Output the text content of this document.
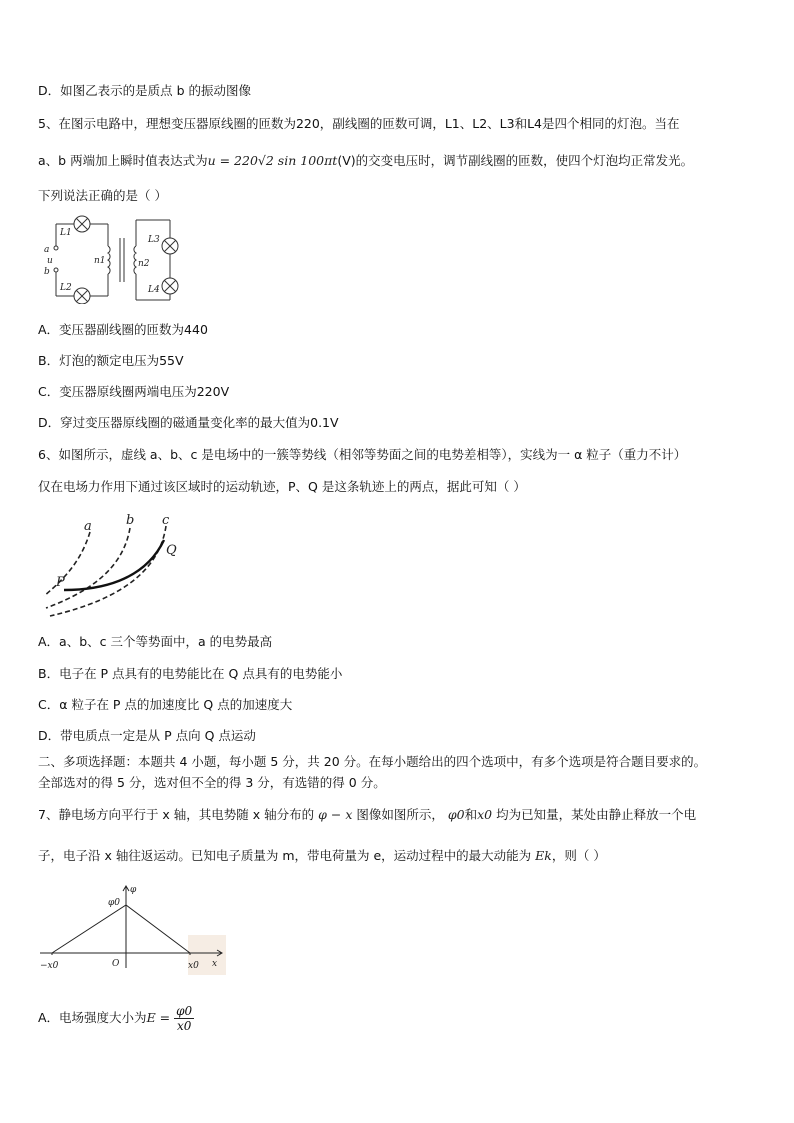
D．如图乙表示的是质点 b 的振动图像
5、在图示电路中，理想变压器原线圈的匝数为220，副线圈的匝数可调，L1、L2、L3和L4是四个相同的灯泡。当在
a、b 两端加上瞬时值表达式为u = 220√2 sin 100πt(V)的交变电压时，调节副线圈的匝数，使四个灯泡均正常发光。
下列说法正确的是（ ）
a
u
b
L1
L2
L3
L4
n1	n2
A．变压器副线圈的匝数为440
B．灯泡的额定电压为55V
C．变压器原线圈两端电压为220V
D．穿过变压器原线圈的磁通量变化率的最大值为0.1V
6、如图所示，虚线 a、b、c 是电场中的一簇等势线（相邻等势面之间的电势差相等），实线为一 α 粒子（重力不计）
仅在电场力作用下通过该区域时的运动轨迹，P、Q 是这条轨迹上的两点，据此可知（ ）
a	b c
P
Q
A．a、b、c 三个等势面中，a 的电势最高
B．电子在 P 点具有的电势能比在 Q 点具有的电势能小
C．α 粒子在 P 点的加速度比 Q 点的加速度大
D．带电质点一定是从 P 点向 Q 点运动
二、多项选择题：本题共 4 小题，每小题 5 分，共 20 分。在每小题给出的四个选项中，有多个选项是符合题目要求的。
全部选对的得 5 分，选对但不全的得 3 分，有选错的得 0 分。
7、静电场方向平行于 x 轴，其电势随 x 轴分布的 φ − x 图像如图所示， φ0和x0 均为已知量，某处由静止释放一个电
子，电子沿 x 轴往返运动。已知电子质量为 m，带电荷量为 e，运动过程中的最大动能为 Ek，则（ ）
φ
φ0
−x0	O	x0 x
A．电场强度大小为$E = \frac{\varphi 0}{x0}$
